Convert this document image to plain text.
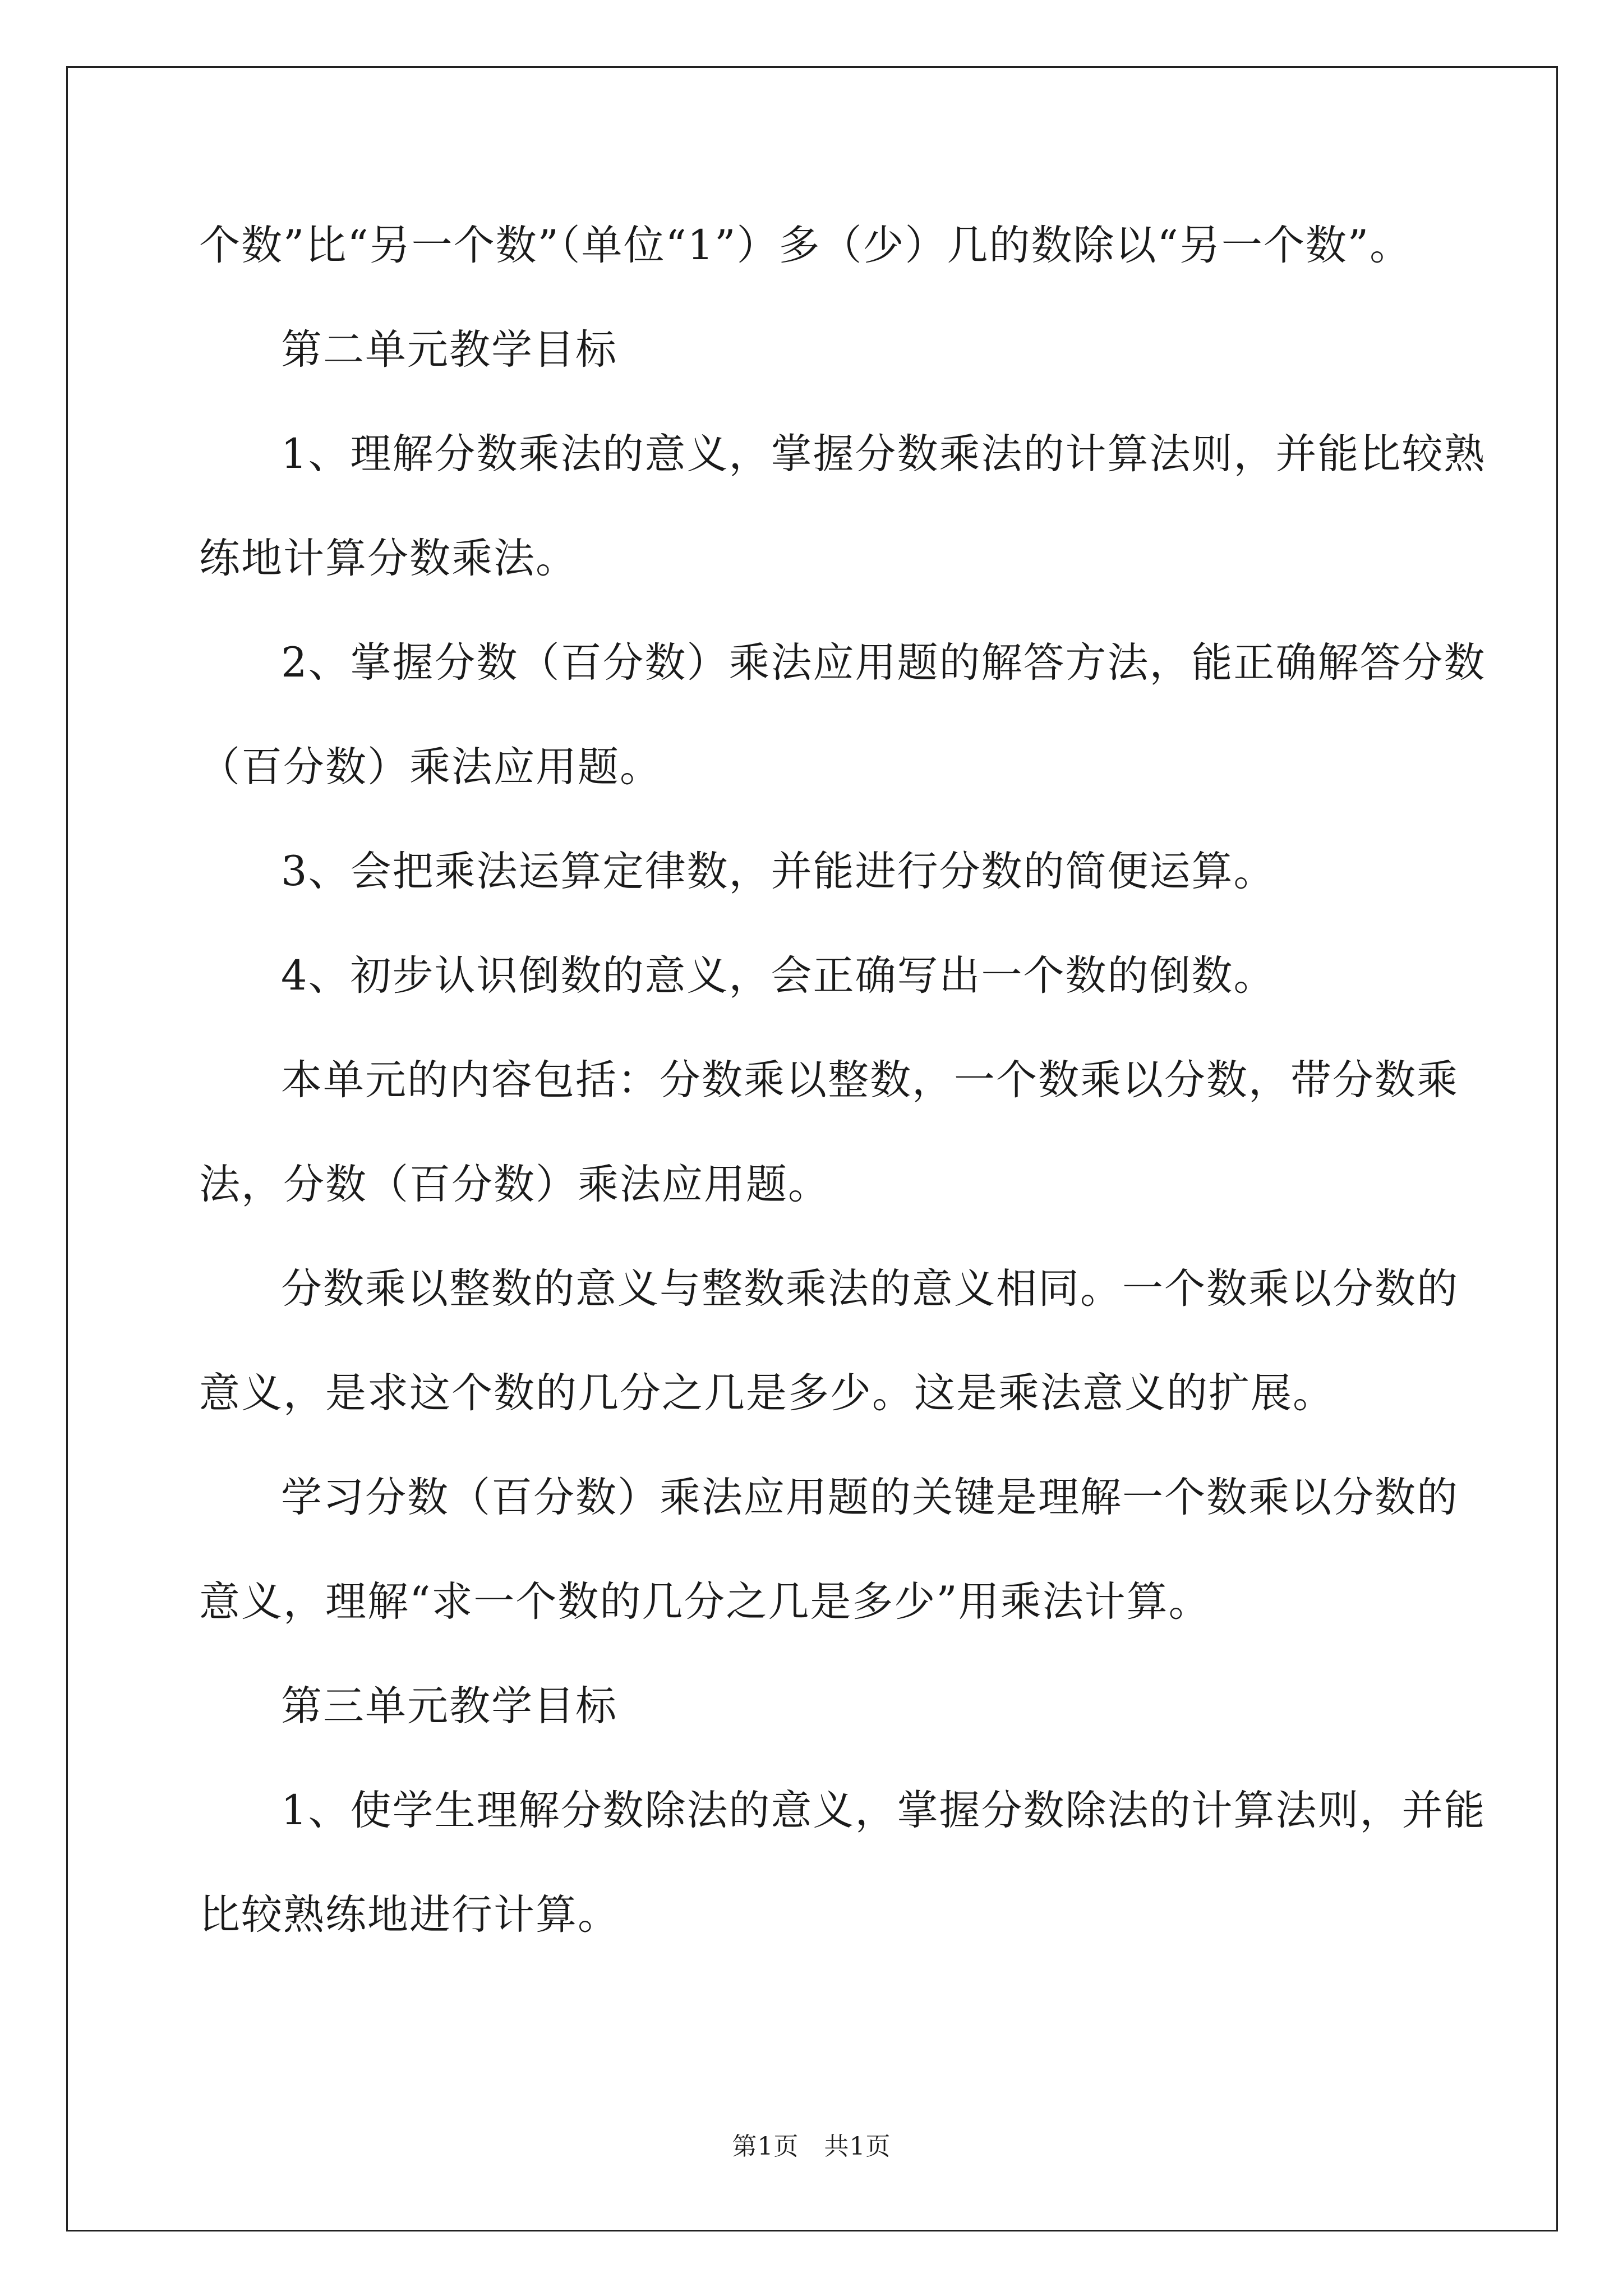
个数”比“另一个数”（单位“1”）多（少）几的数除以“另一个数”。
第二单元教学目标
1、理解分数乘法的意义，掌握分数乘法的计算法则，并能比较熟
练地计算分数乘法。
2、掌握分数（百分数）乘法应用题的解答方法，能正确解答分数
（百分数）乘法应用题。
3、会把乘法运算定律数，并能进行分数的简便运算。
4、初步认识倒数的意义，会正确写出一个数的倒数。
本单元的内容包括：分数乘以整数，一个数乘以分数，带分数乘
法，分数（百分数）乘法应用题。
分数乘以整数的意义与整数乘法的意义相同。一个数乘以分数的
意义，是求这个数的几分之几是多少。这是乘法意义的扩展。
学习分数（百分数）乘法应用题的关键是理解一个数乘以分数的
意义，理解“求一个数的几分之几是多少”用乘法计算。
第三单元教学目标
1、使学生理解分数除法的意义，掌握分数除法的计算法则，并能
比较熟练地进行计算。
第1页　共1页
